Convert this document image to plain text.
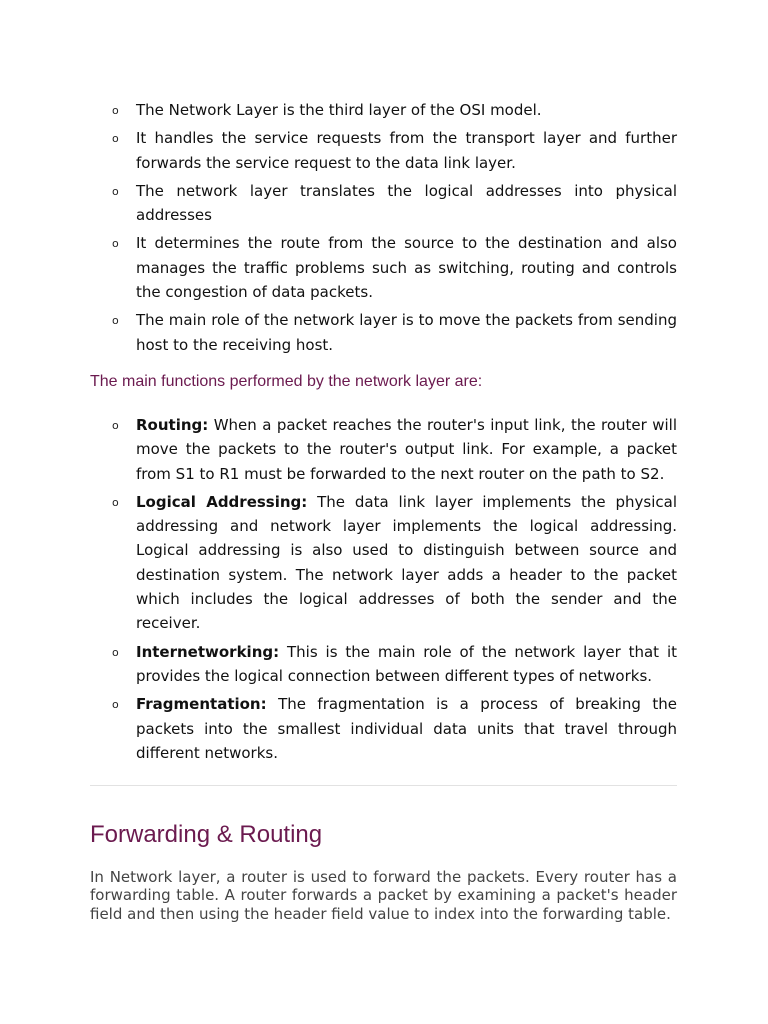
o The Network Layer is the third layer of the OSI model.
o It handles the service requests from the transport layer and further forwards the service request to the data link layer.
o The network layer translates the logical addresses into physical addresses
o It determines the route from the source to the destination and also manages the traffic problems such as switching, routing and controls the congestion of data packets.
o The main role of the network layer is to move the packets from sending host to the receiving host.
The main functions performed by the network layer are:
o Routing: When a packet reaches the router's input link, the router will move the packets to the router's output link. For example, a packet from S1 to R1 must be forwarded to the next router on the path to S2.
o Logical Addressing: The data link layer implements the physical addressing and network layer implements the logical addressing. Logical addressing is also used to distinguish between source and destination system. The network layer adds a header to the packet which includes the logical addresses of both the sender and the receiver.
o Internetworking: This is the main role of the network layer that it provides the logical connection between different types of networks.
o Fragmentation: The fragmentation is a process of breaking the packets into the smallest individual data units that travel through different networks.
Forwarding & Routing

In Network layer, a router is used to forward the packets. Every router has a forwarding table. A router forwards a packet by examining a packet's header field and then using the header field value to index into the forwarding table.
